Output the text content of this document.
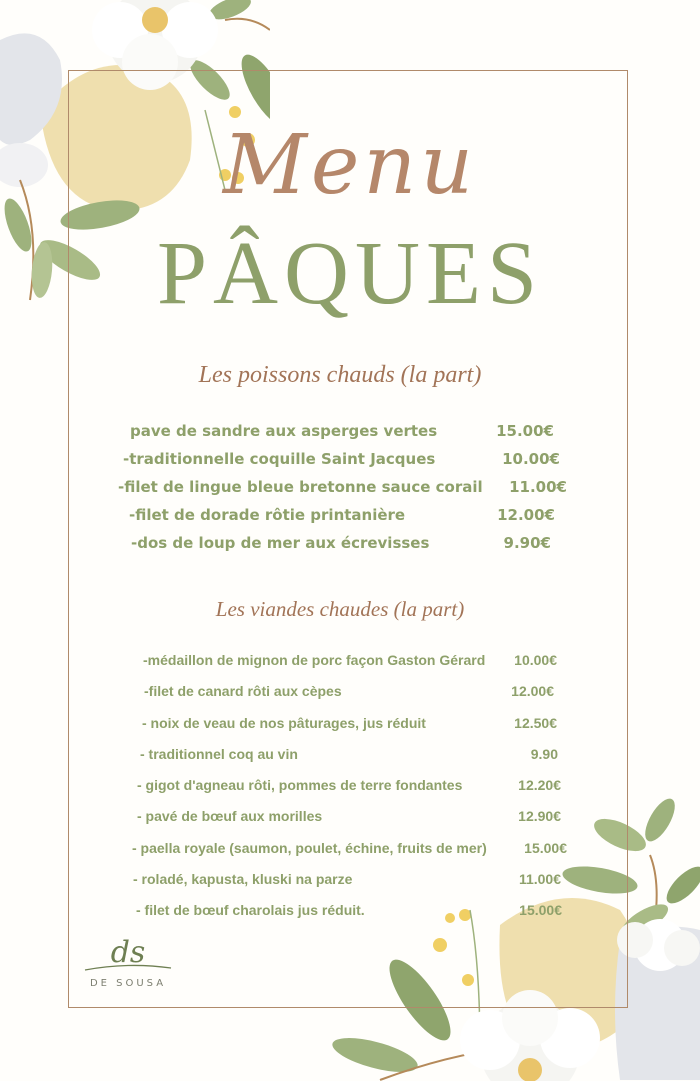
Menu
PÂQUES
Les poissons chauds (la part)
pave de sandre aux asperges vertes	15.00€
-traditionnelle coquille Saint Jacques	10.00€
-filet de lingue bleue bretonne sauce corail 11.00€
-filet de dorade rôtie printanière	12.00€
-dos de loup de mer aux écrevisses	9.90€
Les viandes chaudes (la part)
-médaillon de mignon de porc façon Gaston Gérard 10.00€
-filet de canard rôti aux cèpes	12.00€
- noix de veau de nos pâturages, jus réduit	12.50€
- traditionnel coq au vin	9.90
- gigot d'agneau rôti, pommes de terre fondantes	12.20€
- pavé de bœuf aux morilles	12.90€
- paella royale (saumon, poulet, échine, fruits de mer)	15.00€
- roladé, kapusta, kluski na parze	11.00€
- filet de bœuf charolais jus réduit.	15.00€
ds
DE SOUSA
